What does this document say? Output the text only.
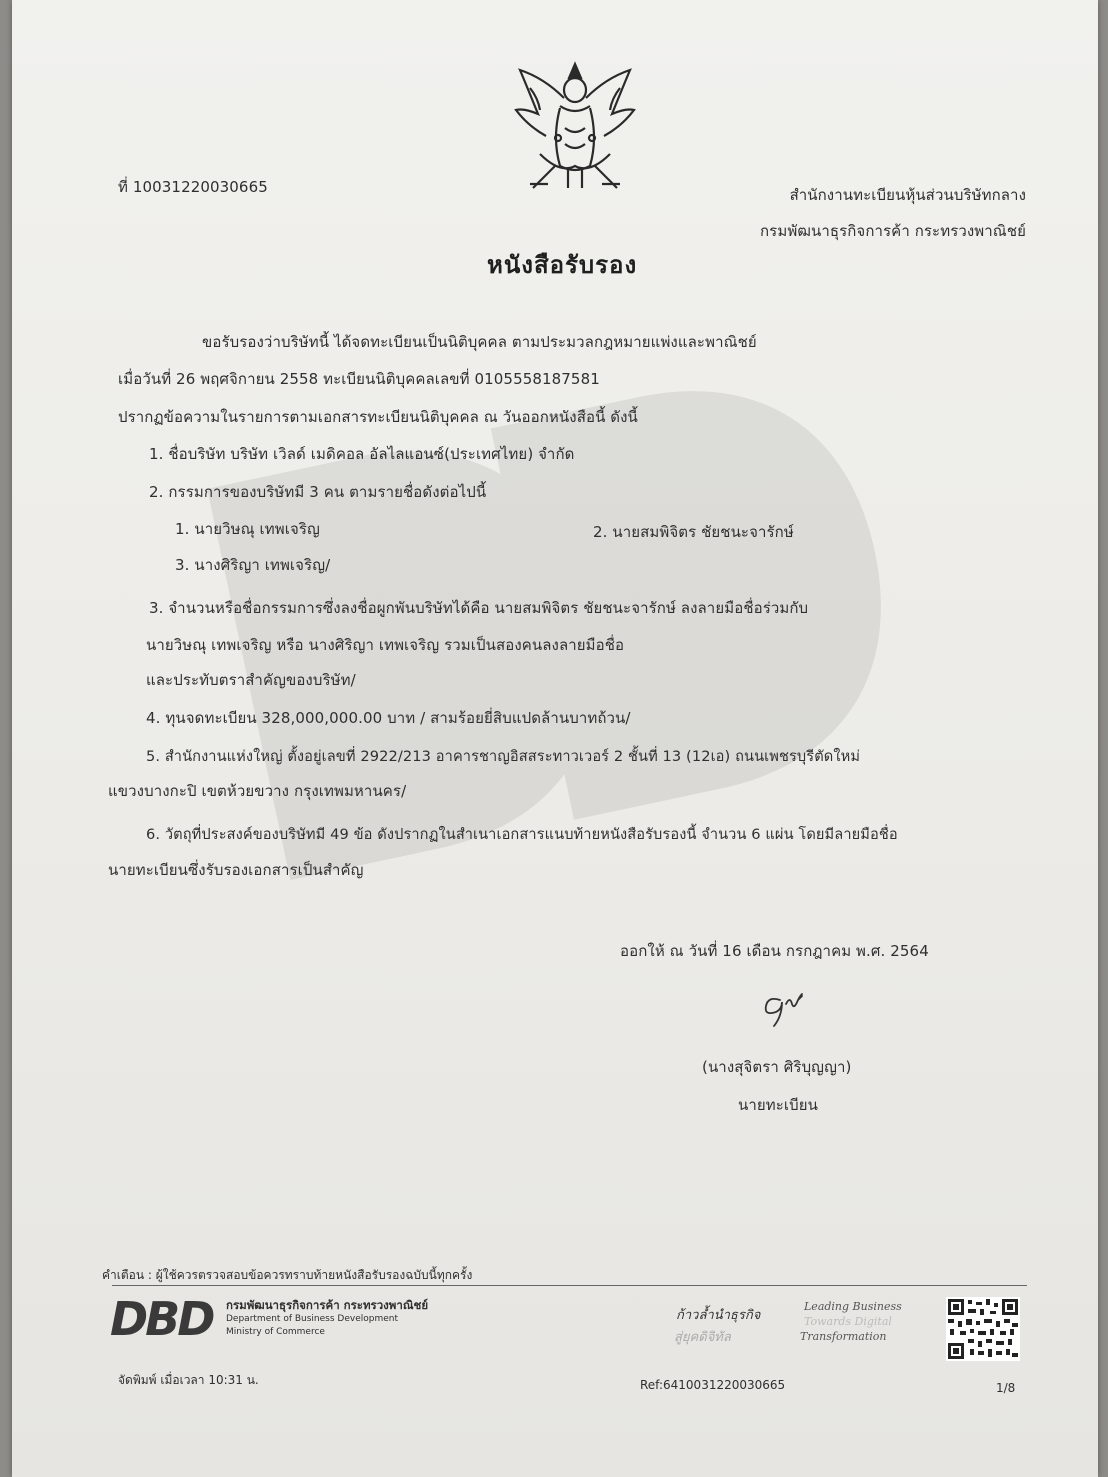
ที่ 10031220030665	สำนักงานทะเบียนหุ้นส่วนบริษัทกลาง
กรมพัฒนาธุรกิจการค้า กระทรวงพาณิชย์
หนังสือรับรอง
ขอรับรองว่าบริษัทนี้ ได้จดทะเบียนเป็นนิติบุคคล ตามประมวลกฎหมายแพ่งและพาณิชย์
เมื่อวันที่ 26 พฤศจิกายน 2558 ทะเบียนนิติบุคคลเลขที่ 0105558187581
ปรากฏข้อความในรายการตามเอกสารทะเบียนนิติบุคคล ณ วันออกหนังสือนี้ ดังนี้
1. ชื่อบริษัท บริษัท เวิลด์ เมดิคอล อัลไลแอนซ์(ประเทศไทย) จำกัด
2. กรรมการของบริษัทมี 3 คน ตามรายชื่อดังต่อไปนี้
1. นายวิษณุ เทพเจริญ	2. นายสมพิจิตร ชัยชนะจารักษ์
3. นางศิริญา เทพเจริญ/
3. จำนวนหรือชื่อกรรมการซึ่งลงชื่อผูกพันบริษัทได้คือ นายสมพิจิตร ชัยชนะจารักษ์ ลงลายมือชื่อร่วมกับ
นายวิษณุ เทพเจริญ หรือ นางศิริญา เทพเจริญ รวมเป็นสองคนลงลายมือชื่อ
และประทับตราสำคัญของบริษัท/
4. ทุนจดทะเบียน 328,000,000.00 บาท / สามร้อยยี่สิบแปดล้านบาทถ้วน/
5. สำนักงานแห่งใหญ่ ตั้งอยู่เลขที่ 2922/213 อาคารชาญอิสสระทาวเวอร์ 2 ชั้นที่ 13 (12เอ) ถนนเพชรบุรีตัดใหม่
แขวงบางกะปิ เขตห้วยขวาง กรุงเทพมหานคร/
6. วัตถุที่ประสงค์ของบริษัทมี 49 ข้อ ดังปรากฏในสำเนาเอกสารแนบท้ายหนังสือรับรองนี้ จำนวน 6 แผ่น โดยมีลายมือชื่อ
นายทะเบียนซึ่งรับรองเอกสารเป็นสำคัญ
ออกให้ ณ วันที่ 16 เดือน กรกฎาคม พ.ศ. 2564
(นางสุจิตรา ศิริบุญญา)
นายทะเบียน
คำเตือน : ผู้ใช้ควรตรวจสอบข้อควรทราบท้ายหนังสือรับรองฉบับนี้ทุกครั้ง
DBD กรมพัฒนาธุรกิจการค้า กระทรวงพาณิชย์
Department of Business Development
Ministry of Commerce
ก้าวล้ำนำธุรกิจ
สู่ยุคดิจิทัล
Leading Business
Towards Digital
Transformation
จัดพิมพ์ เมื่อเวลา 10:31 น.	Ref:6410031220030665	1/8
